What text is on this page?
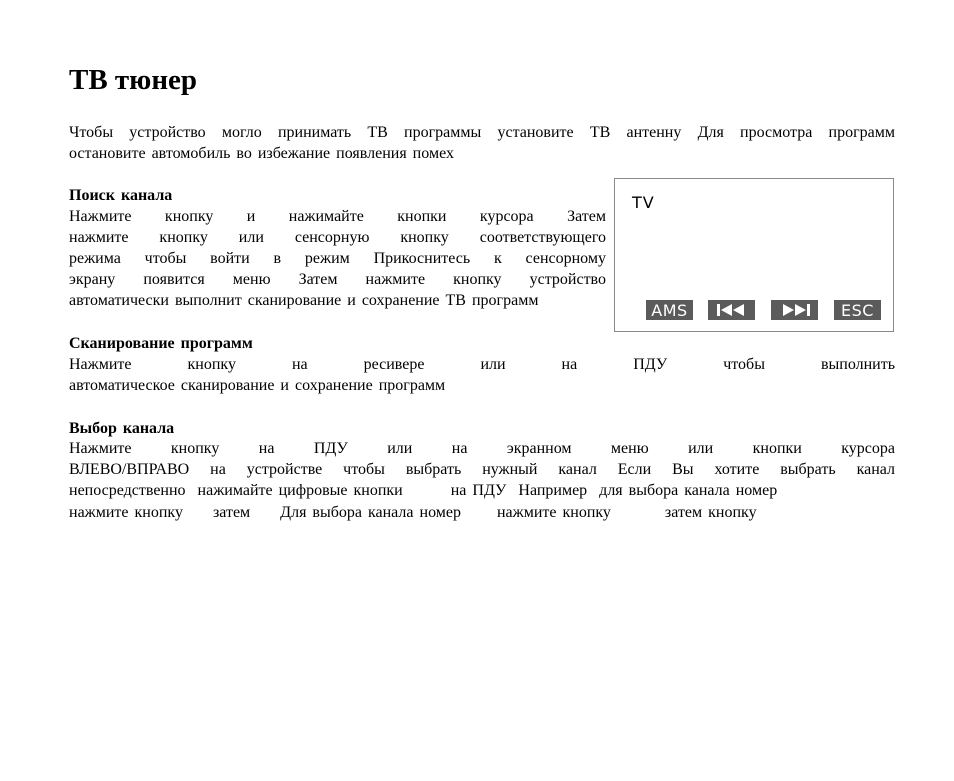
ТВ тюнер
Чтобы устройство могло принимать ТВ программы установите ТВ антенну Для просмотра программ
остановите автомобиль во избежание появления помех
Поиск канала
Нажмите кнопку и нажимайте кнопки курсора Затем
нажмите кнопку или сенсорную кнопку соответствующего
режима чтобы войти в режим Прикоснитесь к сенсорному
экрану появится меню Затем нажмите кнопку устройство
автоматически выполнит сканирование и сохранение ТВ программ
TV
AMS	ESC
Сканирование программ
Нажмите кнопку на ресивере или на ПДУ чтобы выполнить
автоматическое сканирование и сохранение программ
Выбор канала
Нажмите кнопку на ПДУ или на экранном меню или кнопки курсора
ВЛЕВО/ВПРАВО на устройстве чтобы выбрать нужный канал Если Вы хотите выбрать канал
непосредственно  нажимайте цифровые кнопки        на ПДУ  Например  для выбора канала номер
нажмите кнопку     затем     Для выбора канала номер      нажмите кнопку         затем кнопку
